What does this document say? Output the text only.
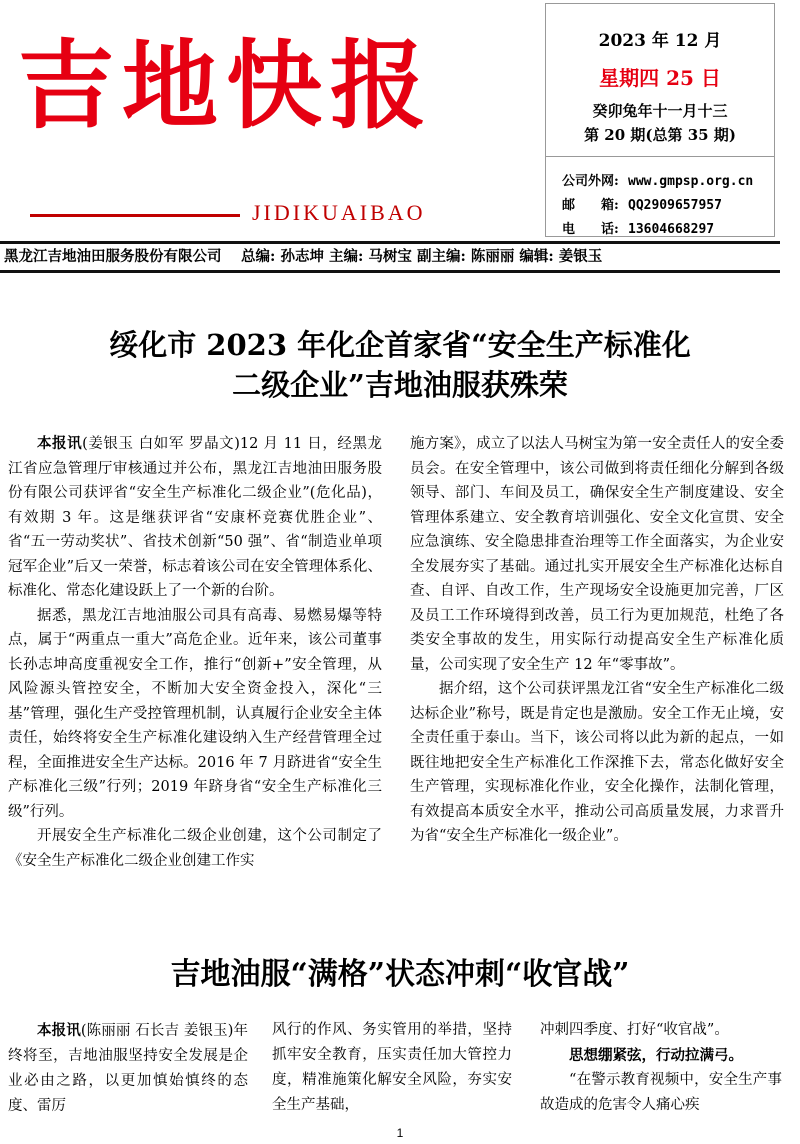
吉地快报
JIDIKUAIBAO
2023 年 12 月
星期四 25 日
癸卯兔年十一月十三
第 20 期(总第 35 期)
公司外网: www.gmpsp.org.cn
邮　　箱: QQ2909657957
电　　话: 13604668297
黑龙江吉地油田服务股份有限公司　 总编: 孙志坤 主编: 马树宝 副主编: 陈丽丽 编辑: 姜银玉
绥化市 2023 年化企首家省“安全生产标准化
二级企业”吉地油服获殊荣

本报讯(姜银玉 白如军 罗晶文)12 月 11 日，经黑龙江省应急管理厅审核通过并公布，黑龙江吉地油田服务股份有限公司获评省“安全生产标准化二级企业”(危化品)，有效期 3 年。这是继获评省“安康杯竞赛优胜企业”、省“五一劳动奖状”、省技术创新“50 强”、省“制造业单项冠军企业”后又一荣誉，标志着该公司在安全管理体系化、标准化、常态化建设跃上了一个新的台阶。

据悉，黑龙江吉地油服公司具有高毒、易燃易爆等特点，属于“两重点一重大”高危企业。近年来，该公司董事长孙志坤高度重视安全工作，推行“创新+”安全管理，从风险源头管控安全，不断加大安全资金投入，深化“三基”管理，强化生产受控管理机制，认真履行企业安全主体责任，始终将安全生产标准化建设纳入生产经营管理全过程，全面推进安全生产达标。2016 年 7 月跻进省“安全生产标准化三级”行列；2019 年跻身省“安全生产标准化三级”行列。

开展安全生产标准化二级企业创建，这个公司制定了《安全生产标准化二级企业创建工作实

施方案》，成立了以法人马树宝为第一安全责任人的安全委员会。在安全管理中，该公司做到将责任细化分解到各级领导、部门、车间及员工，确保安全生产制度建设、安全管理体系建立、安全教育培训强化、安全文化宣贯、安全应急演练、安全隐患排查治理等工作全面落实，为企业安全发展夯实了基础。通过扎实开展安全生产标准化达标自查、自评、自改工作，生产现场安全设施更加完善，厂区及员工工作环境得到改善，员工行为更加规范，杜绝了各类安全事故的发生，用实际行动提高安全生产标准化质量，公司实现了安全生产 12 年“零事故”。

据介绍，这个公司获评黑龙江省“安全生产标准化二级达标企业”称号，既是肯定也是激励。安全工作无止境，安全责任重于泰山。当下，该公司将以此为新的起点，一如既往地把安全生产标准化工作深推下去，常态化做好安全生产管理，实现标准化作业，安全化操作，法制化管理，有效提高本质安全水平，推动公司高质量发展，力求晋升为省“安全生产标准化一级企业”。

吉地油服“满格”状态冲刺“收官战”

本报讯(陈丽丽 石长吉 姜银玉)年终将至，吉地油服坚持安全发展是企业必由之路，以更加慎始慎终的态度、雷厉

风行的作风、务实管用的举措，坚持抓牢安全教育，压实责任加大管控力度，精准施策化解安全风险，夯实安全生产基础，

冲刺四季度、打好“收官战”。

思想绷紧弦，行动拉满弓。

“在警示教育视频中，安全生产事故造成的危害令人痛心疾

1
